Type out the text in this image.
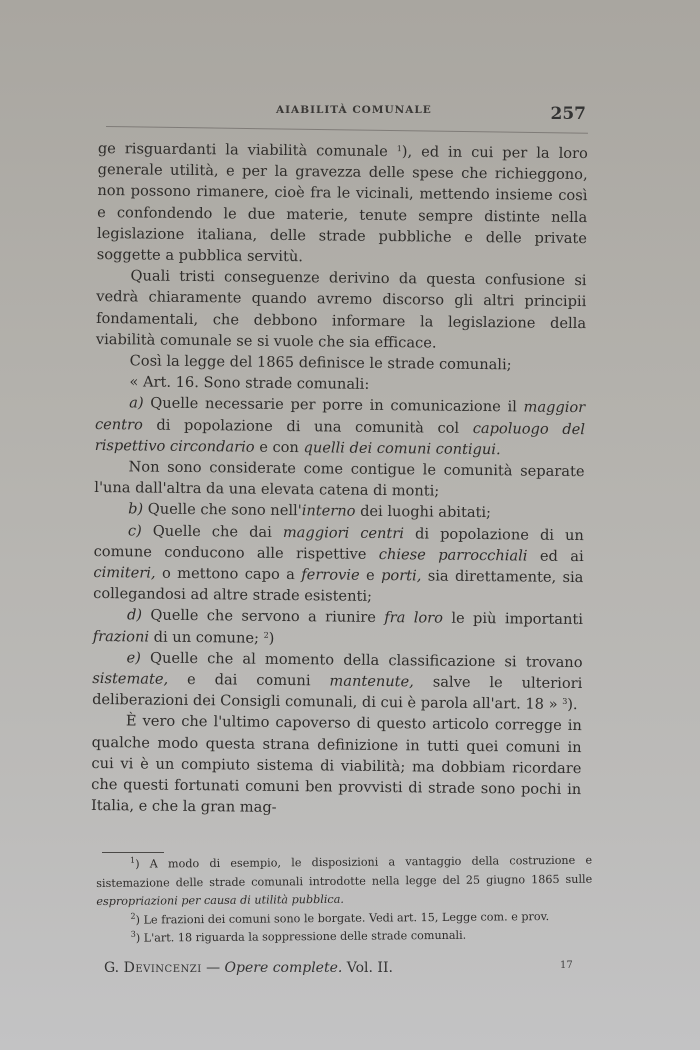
AIABILITÀ COMUNALE	257

ge risguardanti la viabilità comunale $^1$), ed in cui per la loro generale utilità, e per la gravezza delle spese che richieggono, non possono rimanere, cioè fra le vicinali, mettendo insieme così e confondendo le due materie, tenute sempre distinte nella legislazione italiana, delle strade pubbliche e delle private soggette a pubblica servitù.

Quali tristi conseguenze derivino da questa confusione si vedrà chiaramente quando avremo discorso gli altri principii fondamentali, che debbono informare la legislazione della viabilità comunale se si vuole che sia efficace.

Così la legge del 1865 definisce le strade comunali;

« Art. 16. Sono strade comunali:

a) Quelle necessarie per porre in comunicazione il maggior centro di popolazione di una comunità col capoluogo del rispettivo circondario e con quelli dei comuni contigui.

Non sono considerate come contigue le comunità separate l'una dall'altra da una elevata catena di monti;

b) Quelle che sono nell'interno dei luoghi abitati;

c) Quelle che dai maggiori centri di popolazione di un comune conducono alle rispettive chiese parrocchiali ed ai cimiteri, o mettono capo a ferrovie e porti, sia direttamente, sia collegandosi ad altre strade esistenti;

d) Quelle che servono a riunire fra loro le più importanti frazioni di un comune; $^2$)

e) Quelle che al momento della classificazione si trovano sistemate, e dai comuni mantenute, salve le ulteriori deliberazioni dei Consigli comunali, di cui è parola all'art. 18 » $^3$).

È vero che l'ultimo capoverso di questo articolo corregge in qualche modo questa strana definizione in tutti quei comuni in cui vi è un compiuto sistema di viabilità; ma dobbiam ricordare che questi fortunati comuni ben provvisti di strade sono pochi in Italia, e che la gran mag-

$^1$) A modo di esempio, le disposizioni a vantaggio della costruzione e sistemazione delle strade comunali introdotte nella legge del 25 giugno 1865 sulle espropriazioni per causa di utilità pubblica.

$^2$) Le frazioni dei comuni sono le borgate. Vedi art. 15, Legge com. e prov.

$^3$) L'art. 18 riguarda la soppressione delle strade comunali.

G. Devincenzi — Opere complete. Vol. II.	17
